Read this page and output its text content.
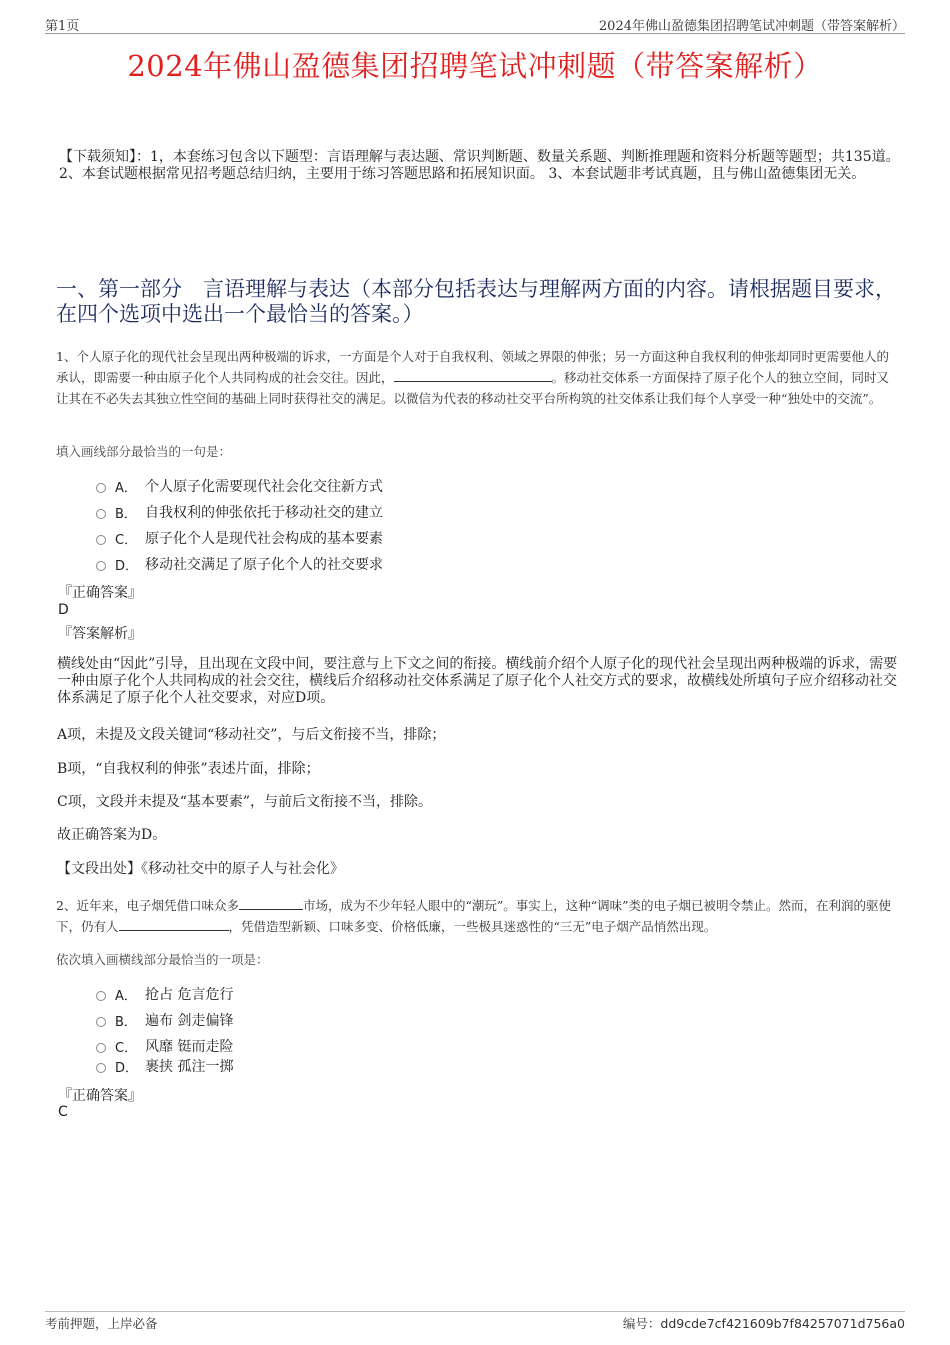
第1页	2024年佛山盈德集团招聘笔试冲刺题（带答案解析）
2024年佛山盈德集团招聘笔试冲刺题（带答案解析）
【下载须知】：1，本套练习包含以下题型：言语理解与表达题、常识判断题、数量关系题、判断推理题和资料分析题等题型；共135道。 2、本套试题根据常见招考题总结归纳，主要用于练习答题思路和拓展知识面。 3、本套试题非考试真题，且与佛山盈德集团无关。
一、第一部分　言语理解与表达（本部分包括表达与理解两方面的内容。请根据题目要求，在四个选项中选出一个最恰当的答案。）
1、个人原子化的现代社会呈现出两种极端的诉求，一方面是个人对于自我权利、领域之界限的伸张；另一方面这种自我权利的伸张却同时更需要他人的承认，即需要一种由原子化个人共同构成的社会交往。因此，	。移动社交体系一方面保持了原子化个人的独立空间，同时又让其在不必失去其独立性空间的基础上同时获得社交的满足。以微信为代表的移动社交平台所构筑的社交体系让我们每个人享受一种“独处中的交流”。
填入画线部分最恰当的一句是：
A． 个人原子化需要现代社会化交往新方式
B． 自我权利的伸张依托于移动社交的建立
C． 原子化个人是现代社会构成的基本要素
D． 移动社交满足了原子化个人的社交要求
『正确答案』
D
『答案解析』
横线处由“因此”引导，且出现在文段中间，要注意与上下文之间的衔接。横线前介绍个人原子化的现代社会呈现出两种极端的诉求，需要一种由原子化个人共同构成的社会交往，横线后介绍移动社交体系满足了原子化个人社交方式的要求，故横线处所填句子应介绍移动社交体系满足了原子化个人社交要求，对应D项。
A项，未提及文段关键词“移动社交”，与后文衔接不当，排除；
B项，“自我权利的伸张”表述片面，排除；
C项，文段并未提及“基本要素”，与前后文衔接不当，排除。
故正确答案为D。
【文段出处】《移动社交中的原子人与社会化》
2、近年来，电子烟凭借口味众多	市场，成为不少年轻人眼中的“潮玩”。事实上，这种“调味”类的电子烟已被明令禁止。然而，在利润的驱使下，仍有人	，凭借造型新颖、口味多变、价格低廉，一些极具迷惑性的“三无”电子烟产品悄然出现。
依次填入画横线部分最恰当的一项是：
A． 抢占 危言危行
B． 遍布 剑走偏锋
C． 风靡 铤而走险
D． 裹挟 孤注一掷
『正确答案』
C
考前押题，上岸必备	编号：dd9cde7cf421609b7f84257071d756a0
